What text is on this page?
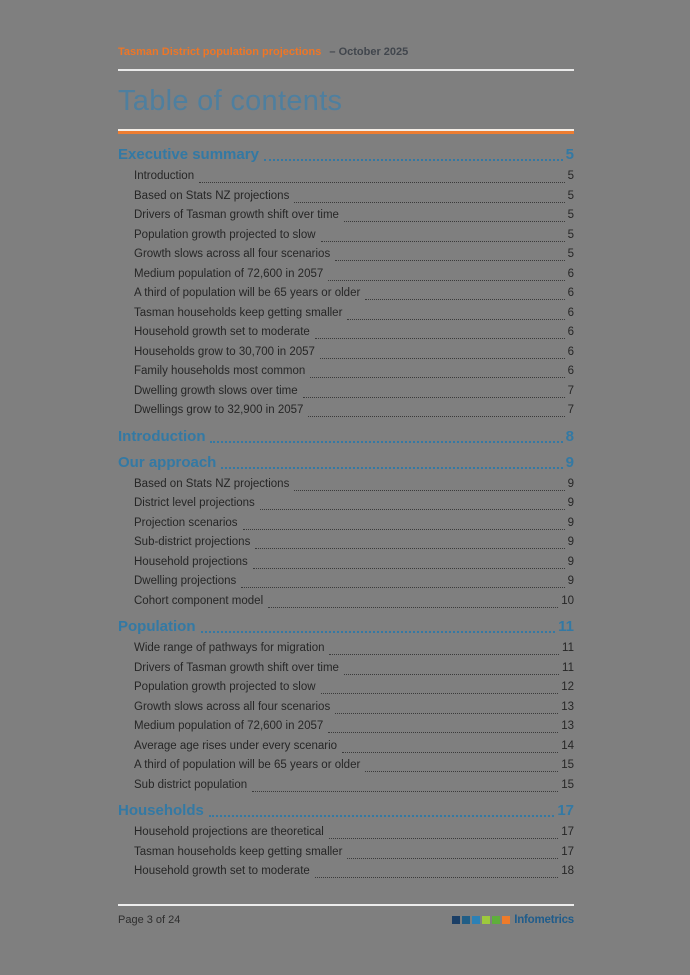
Tasman District population projections – October 2025
Table of contents
Executive summary	5
Introduction	5
Based on Stats NZ projections	5
Drivers of Tasman growth shift over time	5
Population growth projected to slow	5
Growth slows across all four scenarios	5
Medium population of 72,600 in 2057	6
A third of population will be 65 years or older	6
Tasman households keep getting smaller	6
Household growth set to moderate	6
Households grow to 30,700 in 2057	6
Family households most common	6
Dwelling growth slows over time	7
Dwellings grow to 32,900 in 2057	7
Introduction	8
Our approach	9
Based on Stats NZ projections	9
District level projections	9
Projection scenarios	9
Sub-district projections	9
Household projections	9
Dwelling projections	9
Cohort component model	10
Population	11
Wide range of pathways for migration	11
Drivers of Tasman growth shift over time	11
Population growth projected to slow	12
Growth slows across all four scenarios	13
Medium population of 72,600 in 2057	13
Average age rises under every scenario	14
A third of population will be 65 years or older	15
Sub district population	15
Households	17
Household projections are theoretical	17
Tasman households keep getting smaller	17
Household growth set to moderate	18
Page 3 of 24	Infometrics
